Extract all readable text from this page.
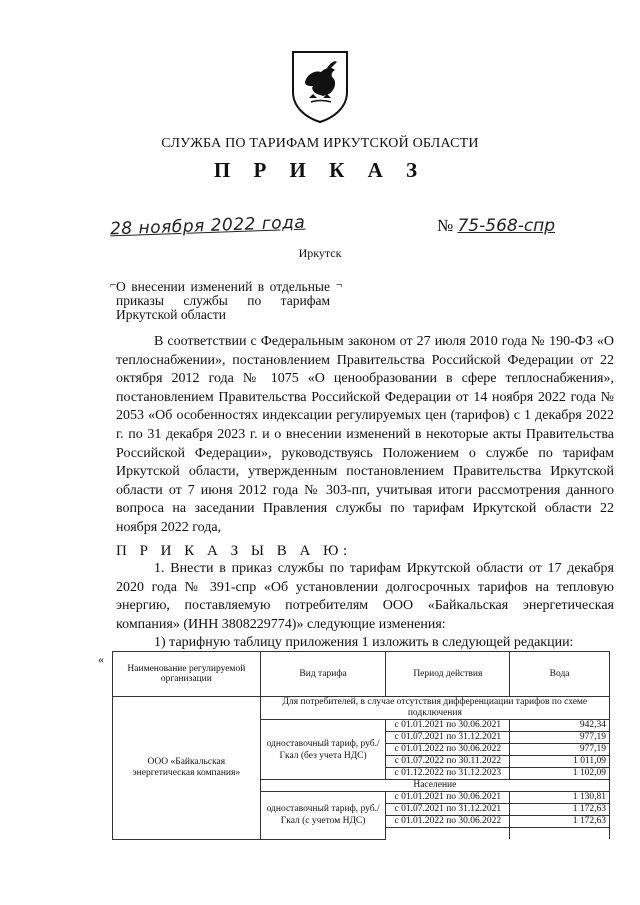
СЛУЖБА ПО ТАРИФАМ ИРКУТСКОЙ ОБЛАСТИ
П Р И К А З
28 ноября 2022 года	№ 75-568-спр
Иркутск
⌐	¬
О внесении изменений в отдельные приказы службы по тарифам Иркутской области

В соответствии с Федеральным законом от 27 июля 2010 года № 190-ФЗ «О теплоснабжении», постановлением Правительства Российской Федерации от 22 октября 2012 года № 1075 «О ценообразовании в сфере теплоснабжения», постановлением Правительства Российской Федерации от 14 ноября 2022 года № 2053 «Об особенностях индексации регулируемых цен (тарифов) с 1 декабря 2022 г. по 31 декабря 2023 г. и о внесении изменений в некоторые акты Правительства Российской Федерации», руководствуясь Положением о службе по тарифам Иркутской области, утвержденным постановлением Правительства Иркутской области от 7 июня 2012 года № 303-пп, учитывая итоги рассмотрения данного вопроса на заседании Правления службы по тарифам Иркутской области 22 ноября 2022 года,

П Р И К А З Ы В А Ю:

1. Внести в приказ службы по тарифам Иркутской области от 17 декабря 2020 года № 391-спр «Об установлении долгосрочных тарифов на тепловую энергию, поставляемую потребителям ООО «Байкальская энергетическая компания» (ИНН 3808229774)» следующие изменения:

1) тарифную таблицу приложения 1 изложить в следующей редакции:

«
Наименование регулируемой организации	Вид тарифа	Период действия	Вода
ООО «Байкальская энергетическая компания»	Для потребителей, в случае отсутствия дифференциации тарифов по схеме подключения		
	одноставочный тариф, руб./Гкал (без учета НДС)	с 01.01.2021 по 30.06.2021	942,34
		с 01.07.2021 по 31.12.2021	977,19
		с 01.01.2022 по 30.06.2022	977,19
		с 01.07.2022 по 30.11.2022	1 011,09
		с 01.12.2022 по 31.12.2023	1 102,09
	Население		
	одноставочный тариф, руб./Гкал (с учетом НДС)	с 01.01.2021 по 30.06.2021	1 130,81
		с 01.07.2021 по 31.12.2021	1 172,63
		с 01.01.2022 по 30.06.2022	1 172,63
